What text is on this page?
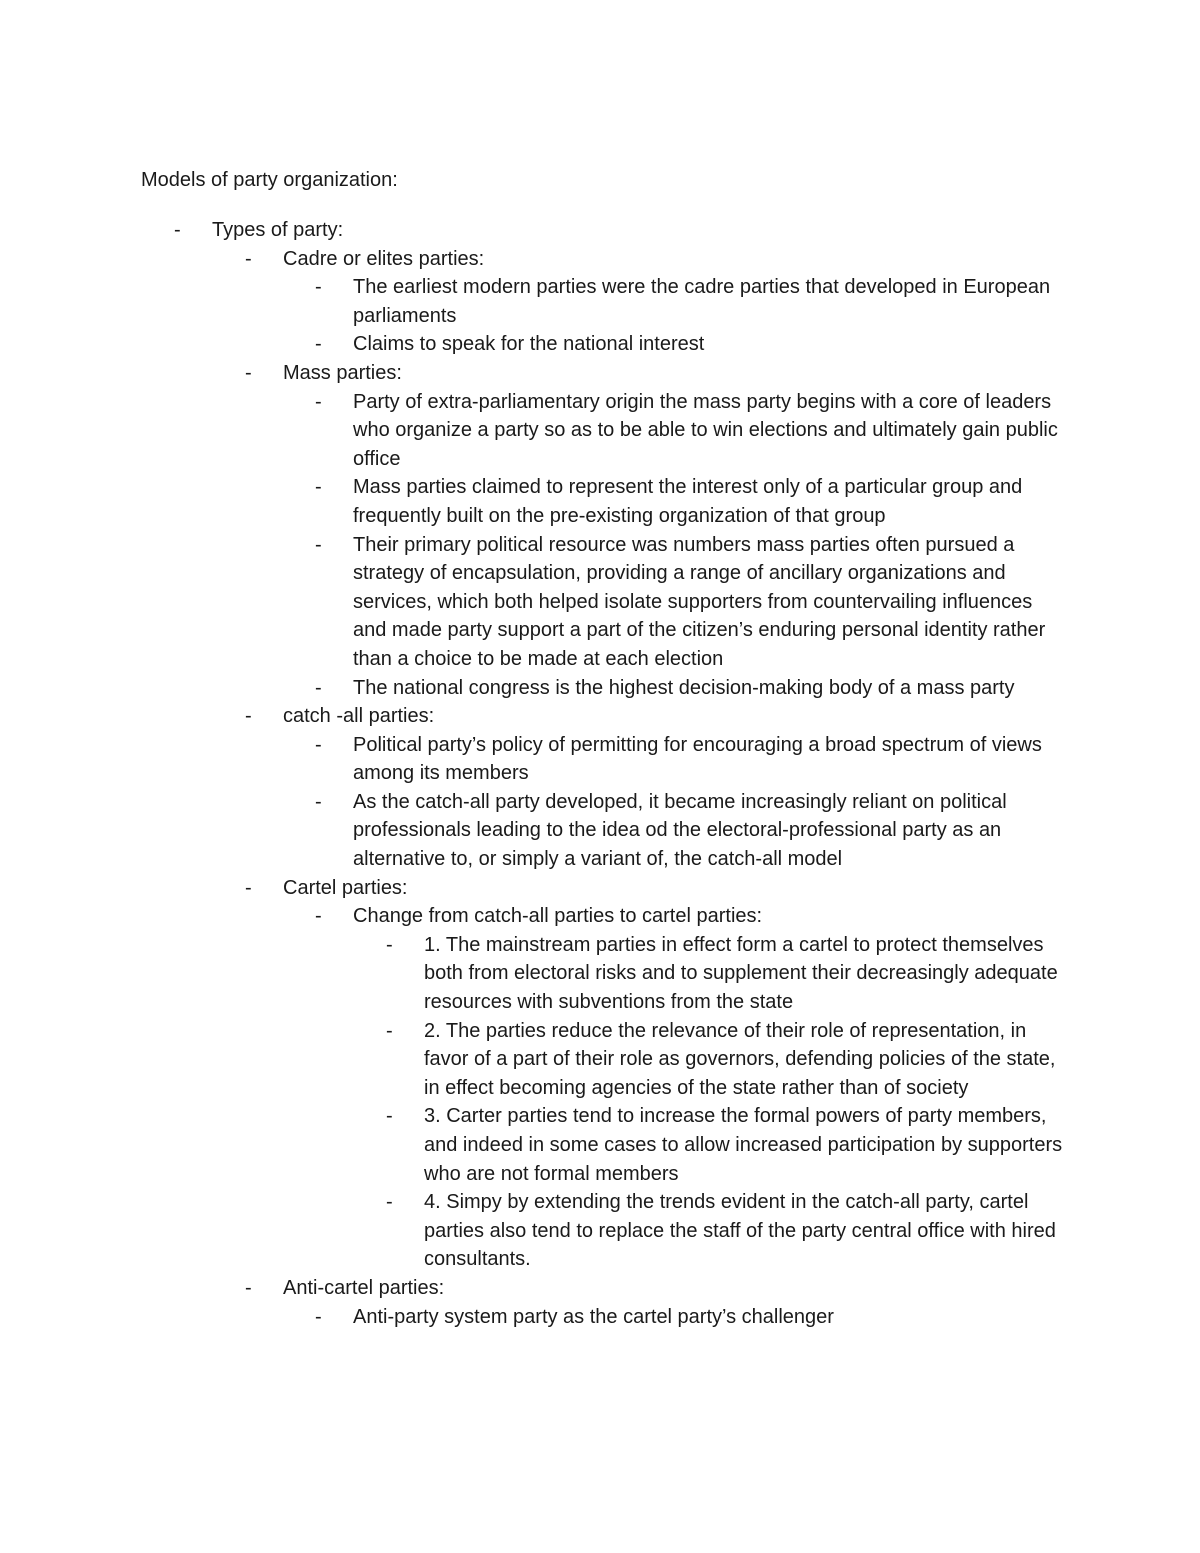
Models of party organization:
- Types of party:
- Cadre or elites parties:
- The earliest modern parties were the cadre parties that developed in European parliaments
- Claims to speak for the national interest
- Mass parties:
- Party of extra-parliamentary origin the mass party begins with a core of leaders who organize a party so as to be able to win elections and ultimately gain public office
- Mass parties claimed to represent the interest only of a particular group and frequently built on the pre-existing organization of that group
- Their primary political resource was numbers mass parties often pursued a strategy of encapsulation, providing a range of ancillary organizations and services, which both helped isolate supporters from countervailing influences and made party support a part of the citizen’s enduring personal identity rather than a choice to be made at each election
- The national congress is the highest decision-making body of a mass party
- catch -all parties:
- Political party’s policy of permitting for encouraging a broad spectrum of views among its members
- As the catch-all party developed, it became increasingly reliant on political professionals leading to the idea od the electoral-professional party as an alternative to, or simply a variant of, the catch-all model
- Cartel parties:
- Change from catch-all parties to cartel parties:
- 1. The mainstream parties in effect form a cartel to protect themselves both from electoral risks and to supplement their decreasingly adequate resources with subventions from the state
- 2. The parties reduce the relevance of their role of representation, in favor of a part of their role as governors, defending policies of the state, in effect becoming agencies of the state rather than of society
- 3. Carter parties tend to increase the formal powers of party members, and indeed in some cases to allow increased participation by supporters who are not formal members
- 4. Simpy by extending the trends evident in the catch-all party, cartel parties also tend to replace the staff of the party central office with hired consultants.
- Anti-cartel parties:
- Anti-party system party as the cartel party’s challenger
